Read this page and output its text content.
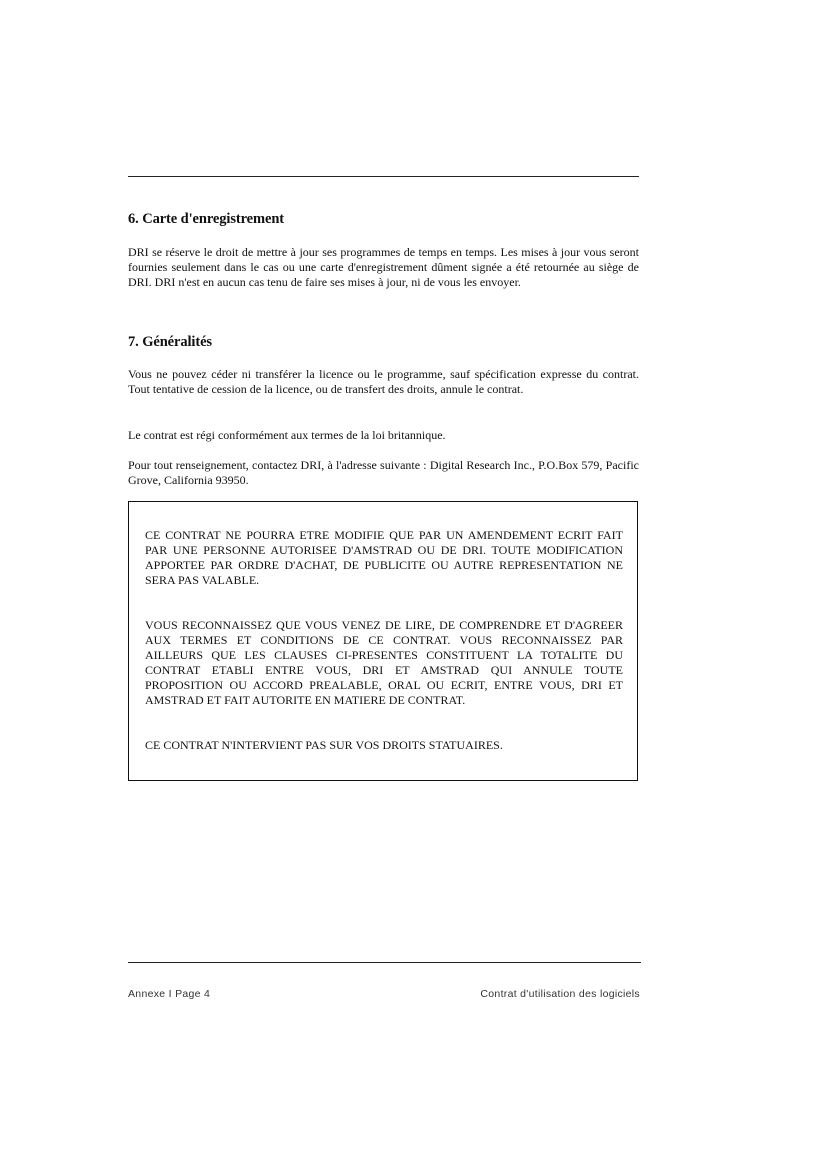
6. Carte d'enregistrement

DRI se réserve le droit de mettre à jour ses programmes de temps en temps. Les mises à jour vous seront fournies seulement dans le cas ou une carte d'enregistrement dûment signée a été retournée au siège de DRI. DRI n'est en aucun cas tenu de faire ses mises à jour, ni de vous les envoyer.

7. Généralités

Vous ne pouvez céder ni transférer la licence ou le programme, sauf spécification expresse du contrat. Tout tentative de cession de la licence, ou de transfert des droits, annule le contrat.

Le contrat est régi conformément aux termes de la loi britannique.

Pour tout renseignement, contactez DRI, à l'adresse suivante : Digital Research Inc., P.O.Box 579, Pacific Grove, California 93950.

CE CONTRAT NE POURRA ETRE MODIFIE QUE PAR UN AMENDEMENT ECRIT FAIT PAR UNE PERSONNE AUTORISEE D'AMSTRAD OU DE DRI. TOUTE MODIFICATION APPORTEE PAR ORDRE D'ACHAT, DE PUBLICITE OU AUTRE REPRESENTATION NE SERA PAS VALABLE.

VOUS RECONNAISSEZ QUE VOUS VENEZ DE LIRE, DE COMPRENDRE ET D'AGREER AUX TERMES ET CONDITIONS DE CE CONTRAT. VOUS RECONNAISSEZ PAR AILLEURS QUE LES CLAUSES CI-PRESENTES CONSTITUENT LA TOTALITE DU CONTRAT ETABLI ENTRE VOUS, DRI ET AMSTRAD QUI ANNULE TOUTE PROPOSITION OU ACCORD PREALABLE, ORAL OU ECRIT, ENTRE VOUS, DRI ET AMSTRAD ET FAIT AUTORITE EN MATIERE DE CONTRAT.

CE CONTRAT N'INTERVIENT PAS SUR VOS DROITS STATUAIRES.

Annexe I Page 4	Contrat d'utilisation des logiciels
